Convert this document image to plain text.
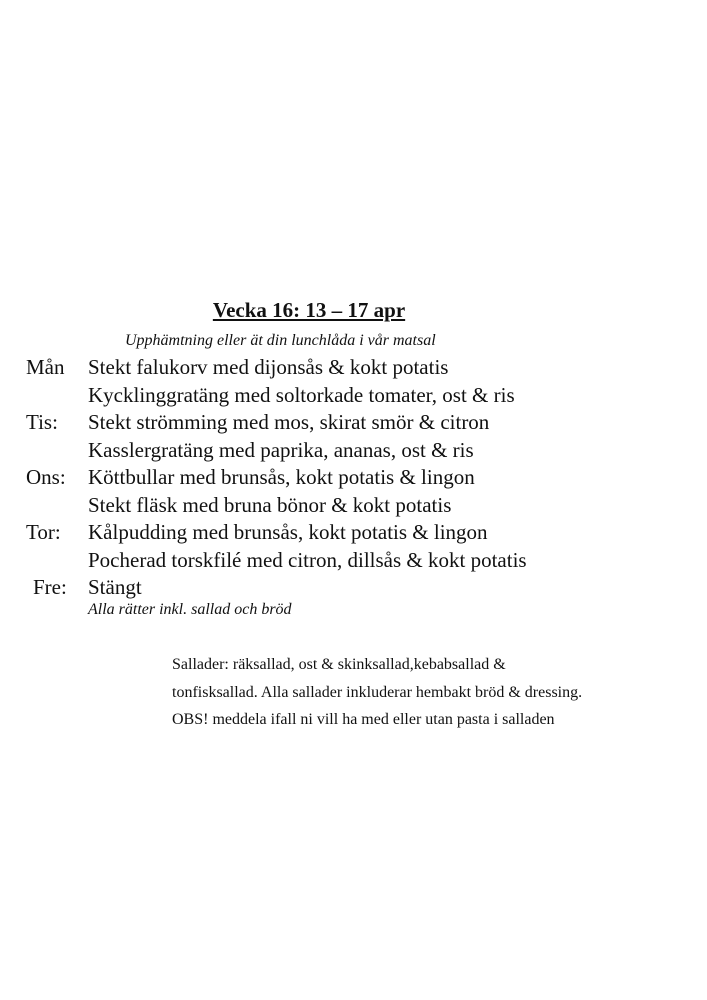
Vecka 16: 13 – 17 apr
Upphämtning eller ät din lunchlåda i vår matsal
Mån	Stekt falukorv med dijonsås & kokt potatis
Kycklinggratäng med soltorkade tomater, ost & ris
Tis:	Stekt strömming med mos, skirat smör & citron
Kasslergratäng med paprika, ananas, ost & ris
Ons:	Köttbullar med brunsås, kokt potatis & lingon
Stekt fläsk med bruna bönor & kokt potatis
Tor:	Kålpudding med brunsås, kokt potatis & lingon
Pocherad torskfilé med citron, dillsås & kokt potatis
Fre:	Stängt
Alla rätter inkl. sallad och bröd
Sallader: räksallad, ost & skinksallad,kebabsallad & tonfisksallad. Alla sallader inkluderar hembakt bröd & dressing. OBS! meddela ifall ni vill ha med eller utan pasta i salladen
